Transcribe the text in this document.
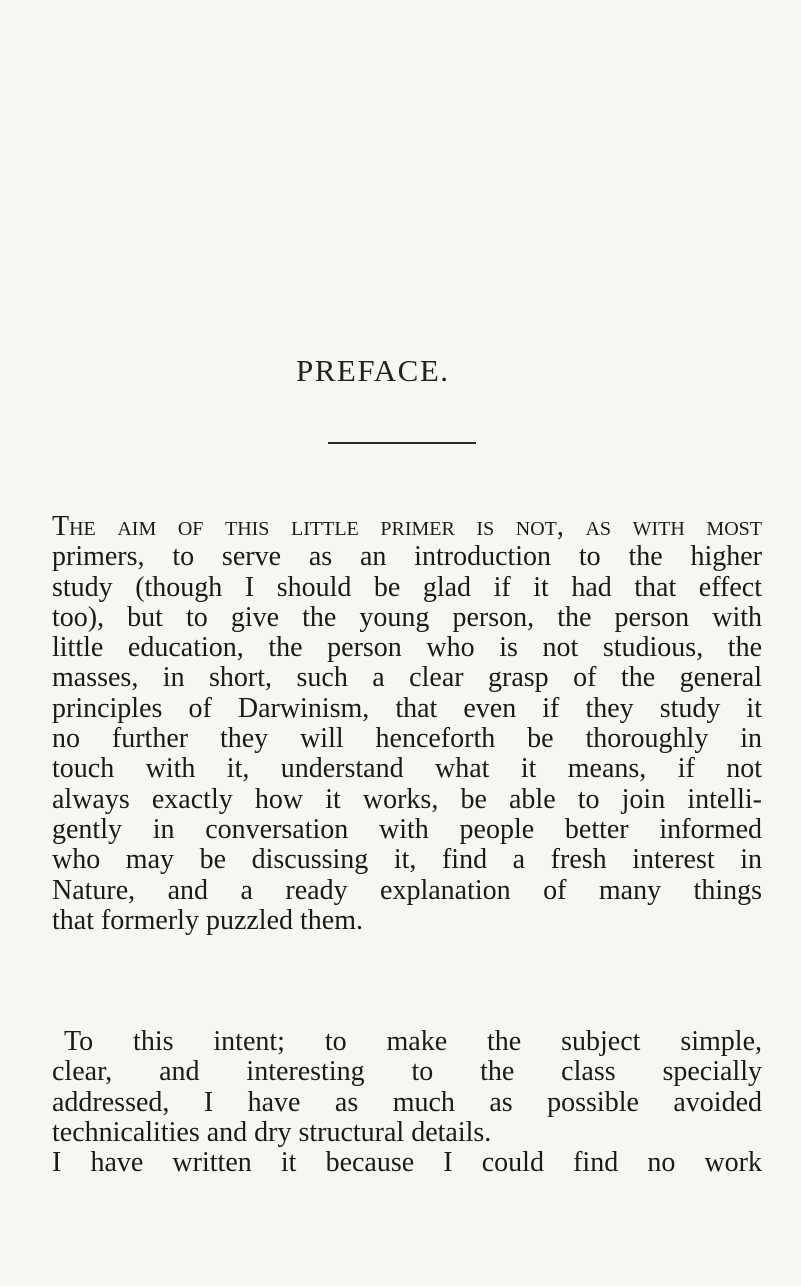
PREFACE.

The aim of this little primer is not, as with most
primers, to serve as an introduction to the higher
study (though I should be glad if it had that effect
too), but to give the young person, the person with
little education, the person who is not studious, the
masses, in short, such a clear grasp of the general
principles of Darwinism, that even if they study it
no further they will henceforth be thoroughly in
touch with it, understand what it means, if not
always exactly how it works, be able to join intelli-
gently in conversation with people better informed
who may be discussing it, find a fresh interest in
Nature, and a ready explanation of many things
that formerly puzzled them.

To this intent; to make the subject simple,
clear, and interesting to the class specially
addressed, I have as much as possible avoided
technicalities and dry structural details.

I have written it because I could find no work
